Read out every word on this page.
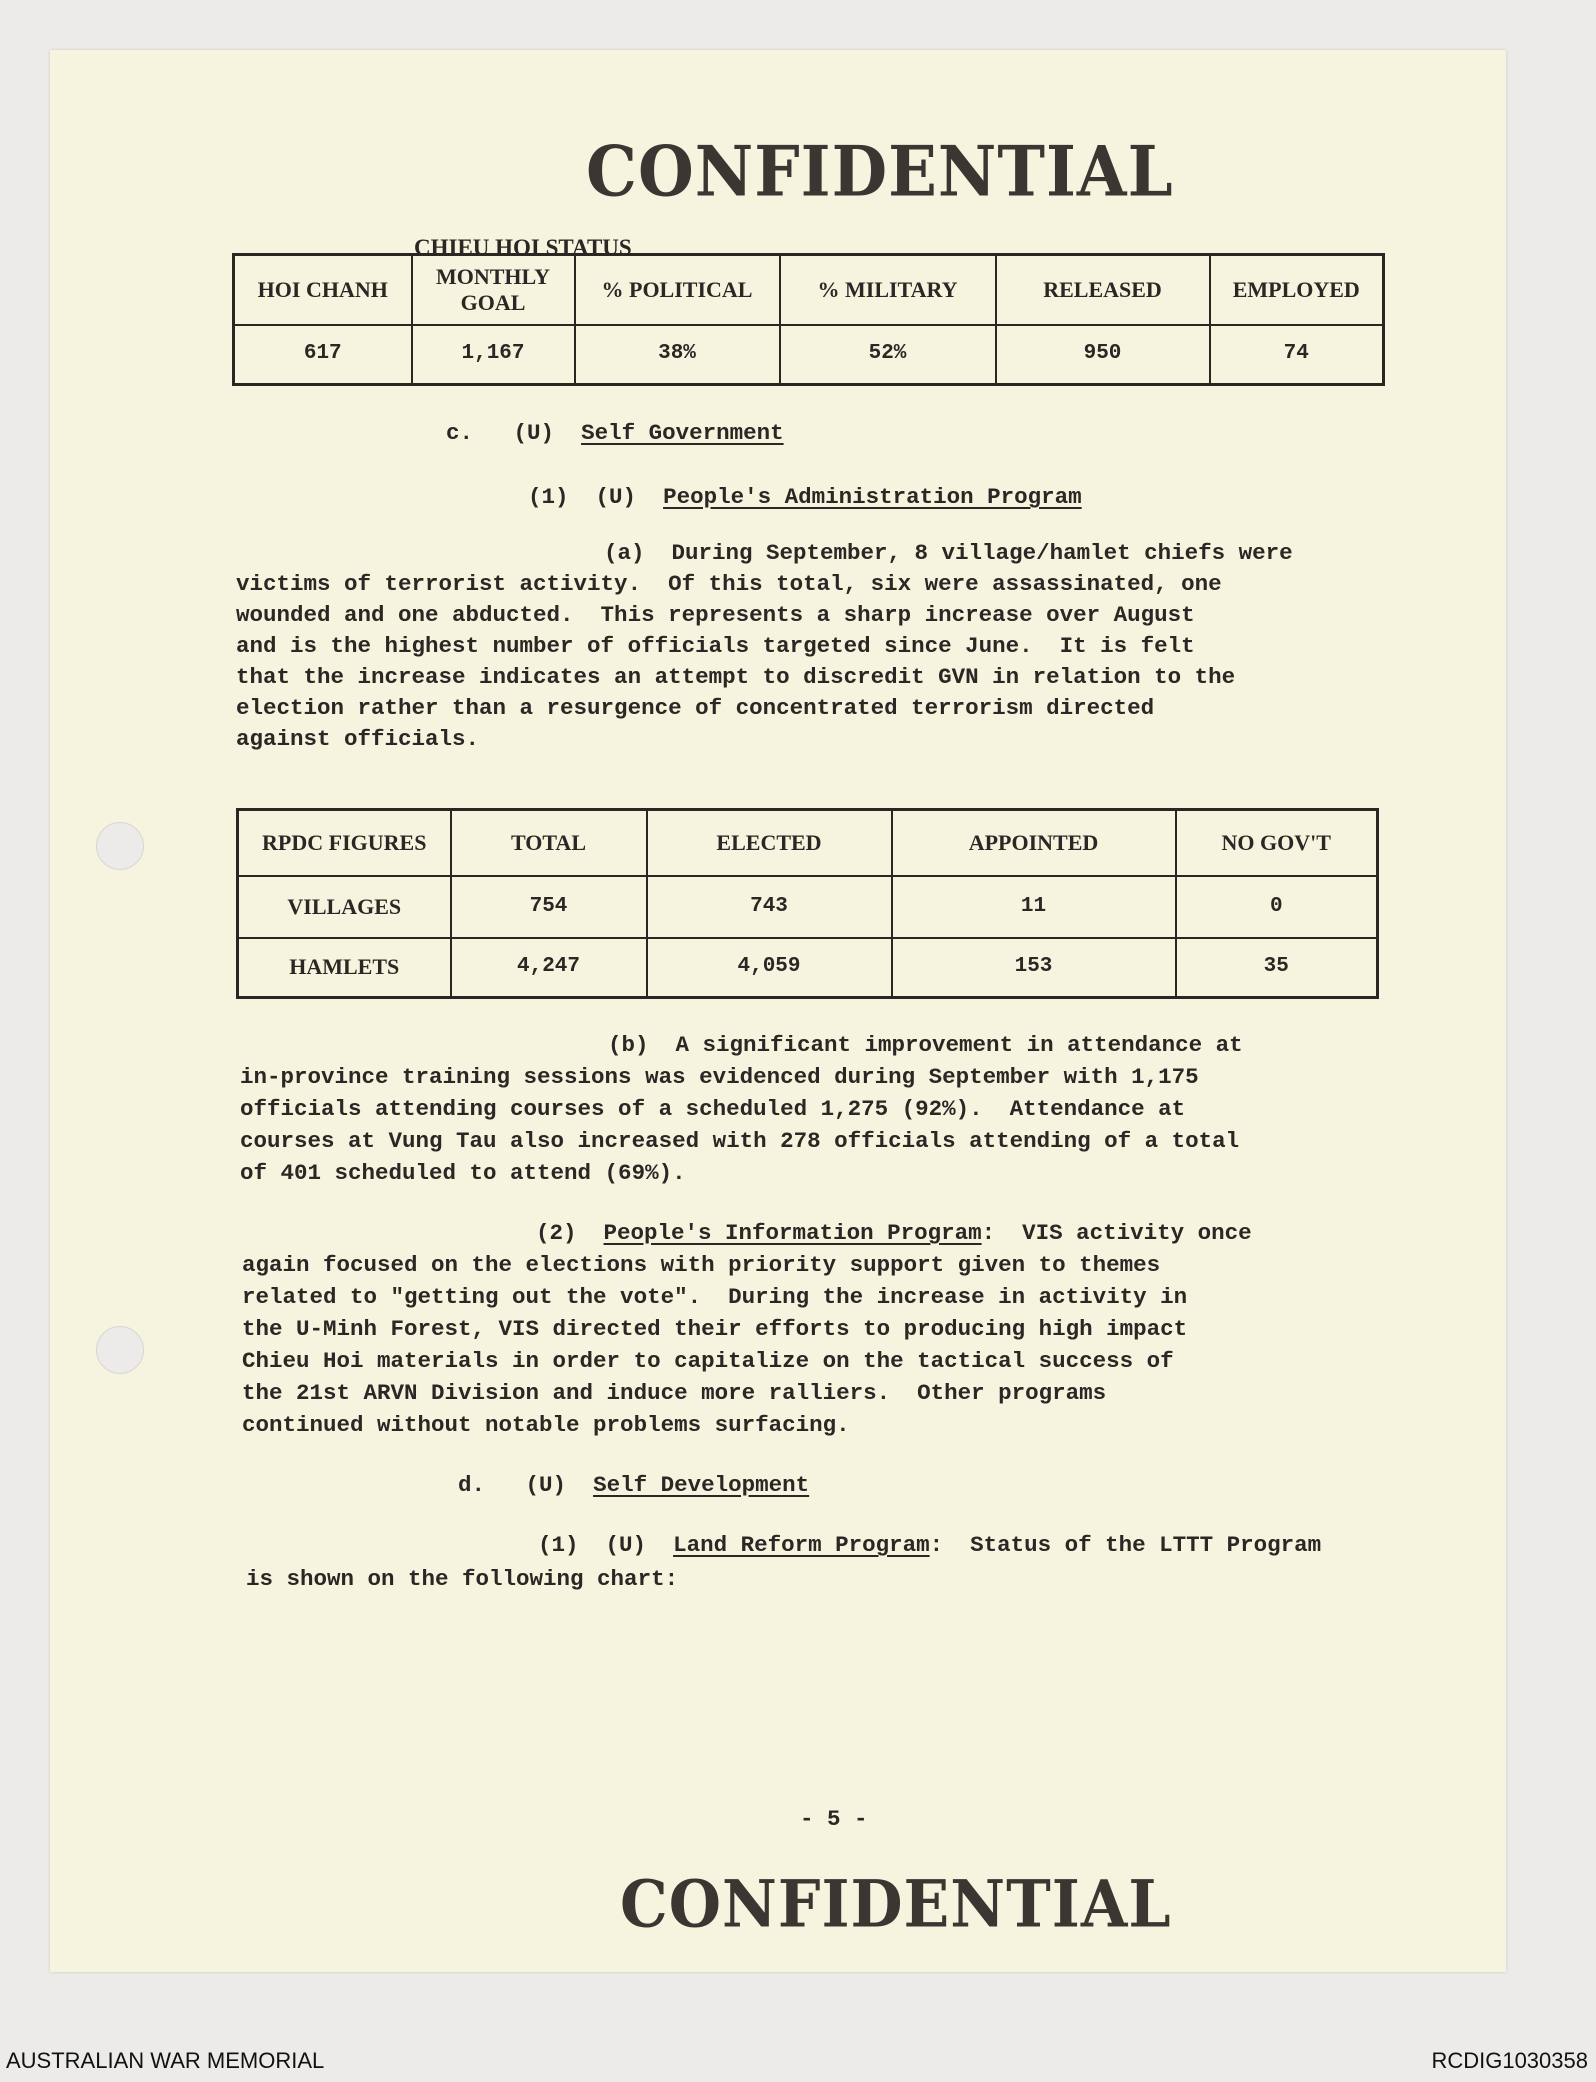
CONFIDENTIAL
CHIEU HOI STATUS
HOI CHANH	MONTHLY GOAL	% POLITICAL	% MILITARY	RELEASED	EMPLOYED
617	1,167	38%	52%	950	74
c. (U) Self Government
(1) (U) People's Administration Program
(a)  During September, 8 village/hamlet chiefs were
victims of terrorist activity.  Of this total, six were assassinated, one
wounded and one abducted.  This represents a sharp increase over August
and is the highest number of officials targeted since June.  It is felt
that the increase indicates an attempt to discredit GVN in relation to the
election rather than a resurgence of concentrated terrorism directed
against officials.
RPDC FIGURES	TOTAL	ELECTED	APPOINTED	NO GOV'T
VILLAGES	754	743	11	0
HAMLETS	4,247	4,059	153	35
(b)  A significant improvement in attendance at
in-province training sessions was evidenced during September with 1,175
officials attending courses of a scheduled 1,275 (92%).  Attendance at
courses at Vung Tau also increased with 278 officials attending of a total
of 401 scheduled to attend (69%).
(2) People's Information Program:  VIS activity once
again focused on the elections with priority support given to themes
related to "getting out the vote".  During the increase in activity in
the U-Minh Forest, VIS directed their efforts to producing high impact
Chieu Hoi materials in order to capitalize on the tactical success of
the 21st ARVN Division and induce more ralliers.  Other programs
continued without notable problems surfacing.
d. (U) Self Development
(1) (U) Land Reform Program:  Status of the LTTT Program
is shown on the following chart:
- 5 -
CONFIDENTIAL
AUSTRALIAN WAR MEMORIAL	RCDIG1030358
